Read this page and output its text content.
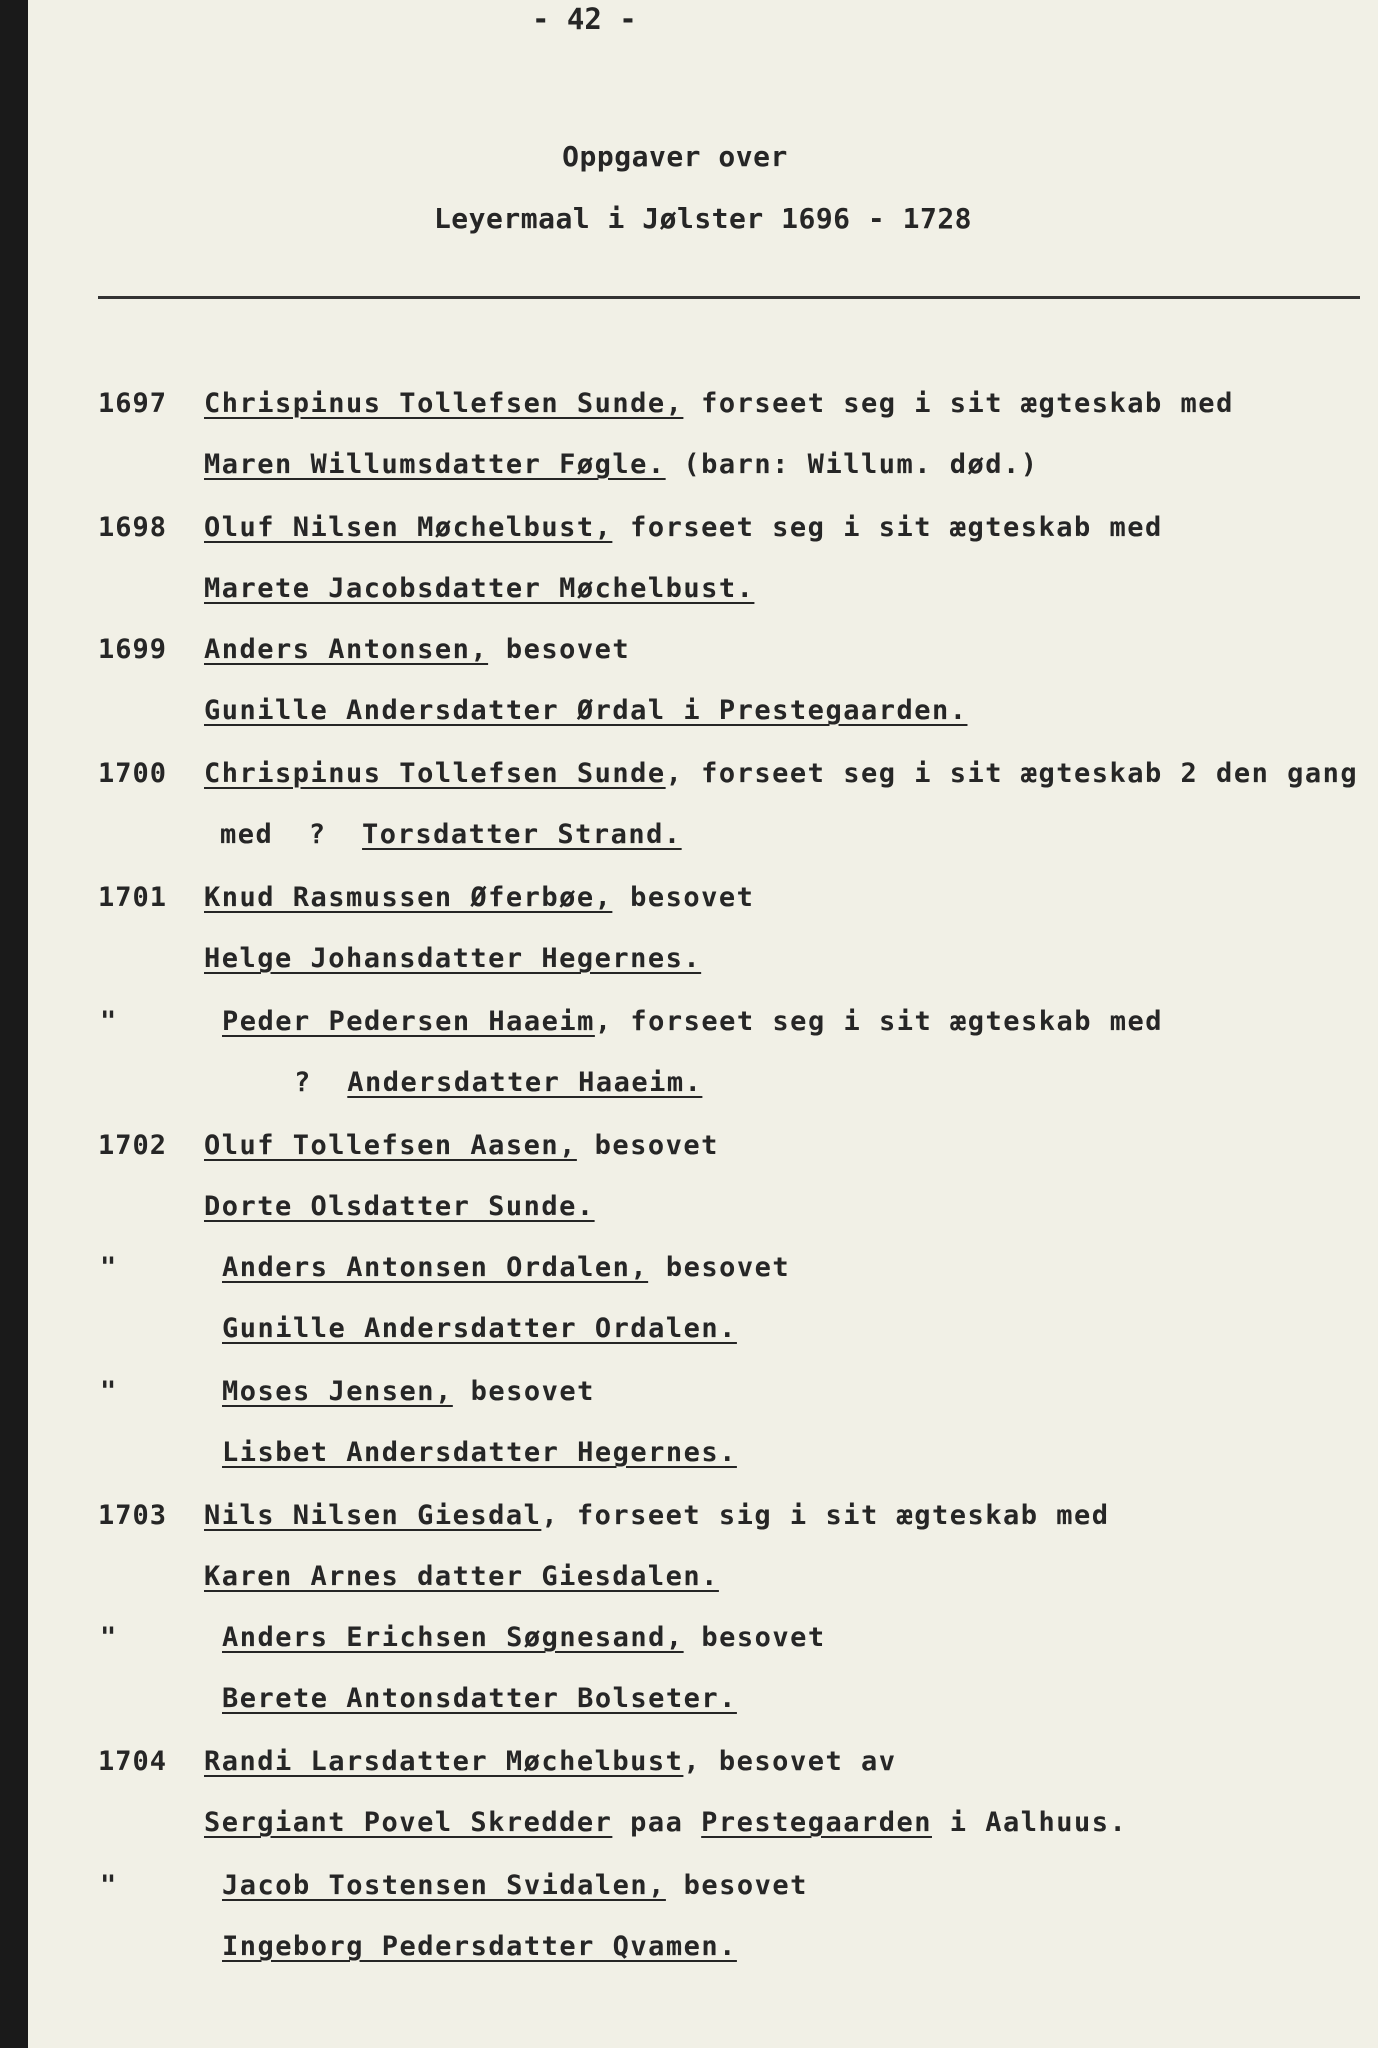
- 42 -
Oppgaver over
Leyermaal i Jølster 1696 - 1728
1697 Chrispinus Tollefsen Sunde, forseet seg i sit ægteskab med
Maren Willumsdatter Føgle. (barn: Willum. død.)
1698 Oluf Nilsen Møchelbust, forseet seg i sit ægteskab med
Marete Jacobsdatter Møchelbust.
1699 Anders Antonsen, besovet
Gunille Andersdatter Ørdal i Prestegaarden.
1700 Chrispinus Tollefsen Sunde, forseet seg i sit ægteskab 2 den gang
med  ?  Torsdatter Strand.
1701 Knud Rasmussen Øferbøe, besovet
Helge Johansdatter Hegernes.
"	Peder Pedersen Haaeim, forseet seg i sit ægteskab med
?  Andersdatter Haaeim.
1702 Oluf Tollefsen Aasen, besovet
Dorte Olsdatter Sunde.
"	Anders Antonsen Ordalen, besovet
Gunille Andersdatter Ordalen.
"	Moses Jensen, besovet
Lisbet Andersdatter Hegernes.
1703 Nils Nilsen Giesdal, forseet sig i sit ægteskab med
Karen Arnes datter Giesdalen.
"	Anders Erichsen Søgnesand, besovet
Berete Antonsdatter Bolseter.
1704 Randi Larsdatter Møchelbust, besovet av
Sergiant Povel Skredder paa Prestegaarden i Aalhuus.
"	Jacob Tostensen Svidalen, besovet
Ingeborg Pedersdatter Qvamen.
